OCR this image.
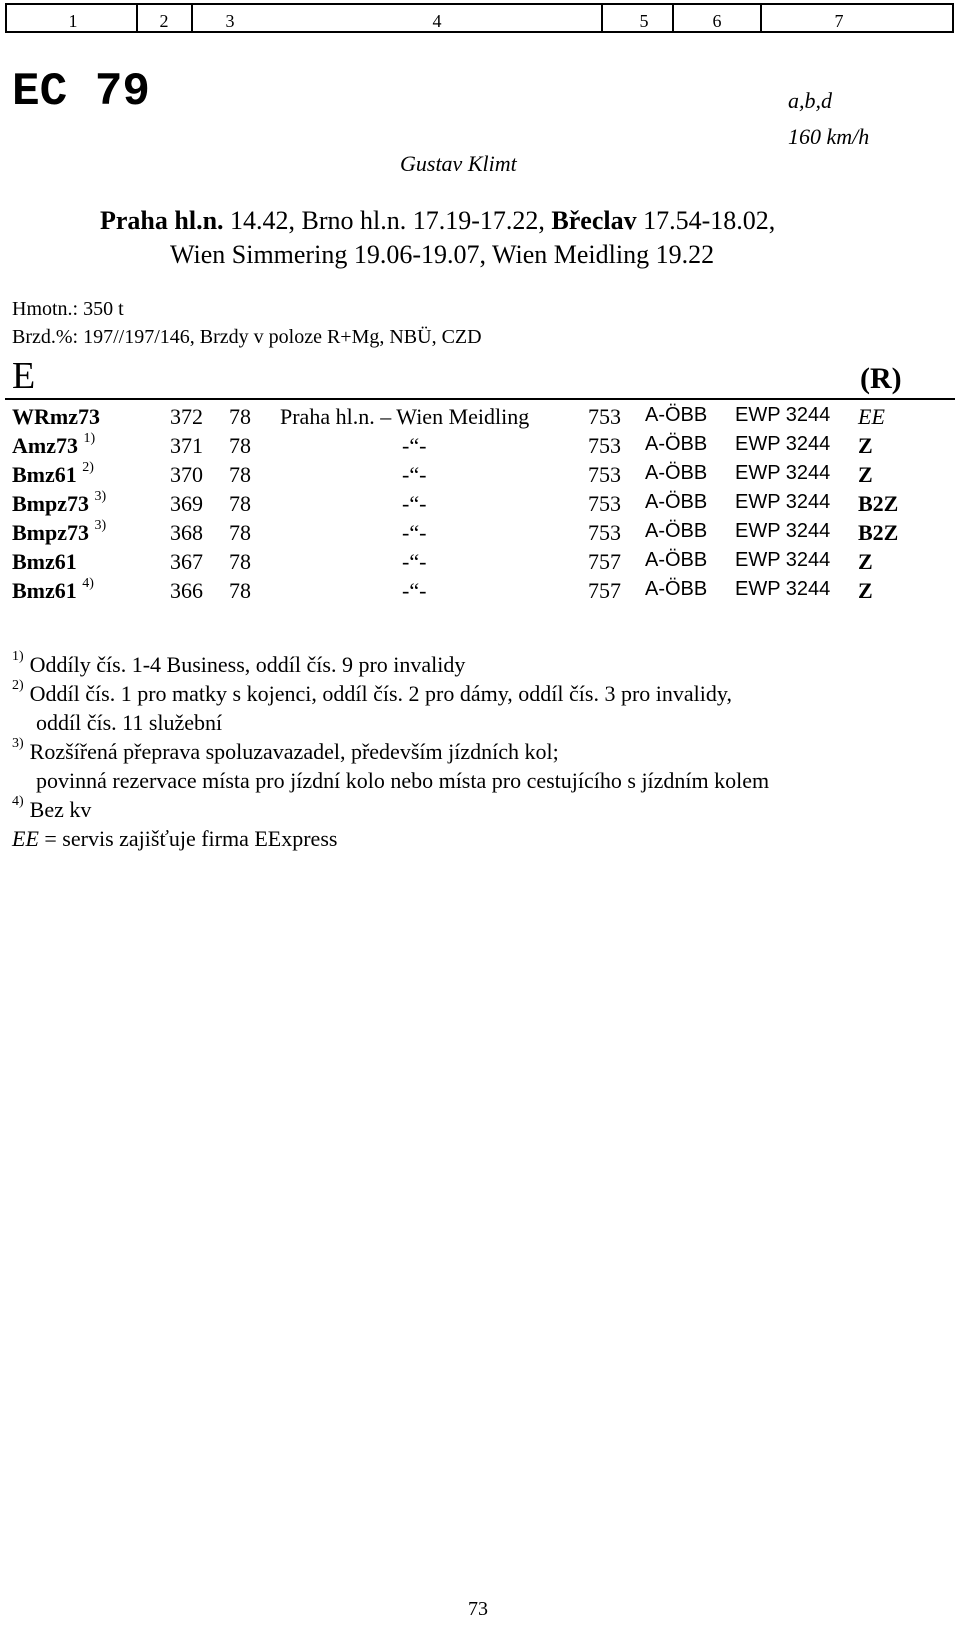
1	2	3	4	5	6	7
EC 79	a,b,d
160 km/h
Gustav Klimt
Praha hl.n. 14.42, Brno hl.n. 17.19-17.22, Břeclav 17.54-18.02,
Wien Simmering 19.06-19.07, Wien Meidling 19.22
Hmotn.: 350 t
Brzd.%: 197//197/146, Brzdy v poloze R+Mg, NBÜ, CZD
E	(R)
WRmz73	372 78 Praha hl.n. – Wien Meidling	753 A-ÖBB EWP 3244 EE
Amz73 $^{1)}$	371 78	-“-	753 A-ÖBB EWP 3244 Z
Bmz61 $^{2)}$	370 78	-“-	753 A-ÖBB EWP 3244 Z
Bmpz73 $^{3)}$	369 78	-“-	753 A-ÖBB EWP 3244 B2Z
Bmpz73 $^{3)}$	368 78	-“-	753 A-ÖBB EWP 3244 B2Z
Bmz61	367 78	-“-	757 A-ÖBB EWP 3244 Z
Bmz61 $^{4)}$	366 78	-“-	757 A-ÖBB EWP 3244 Z
$^{1)}$ Oddíly čís. 1-4 Business, oddíl čís. 9 pro invalidy
$^{2)}$ Oddíl čís. 1 pro matky s kojenci, oddíl čís. 2 pro dámy, oddíl čís. 3 pro invalidy,
oddíl čís. 11 služební
$^{3)}$ Rozšířená přeprava spoluzavazadel, především jízdních kol;
povinná rezervace místa pro jízdní kolo nebo místa pro cestujícího s jízdním kolem
$^{4)}$ Bez kv
EE = servis zajišťuje firma EExpress
73
